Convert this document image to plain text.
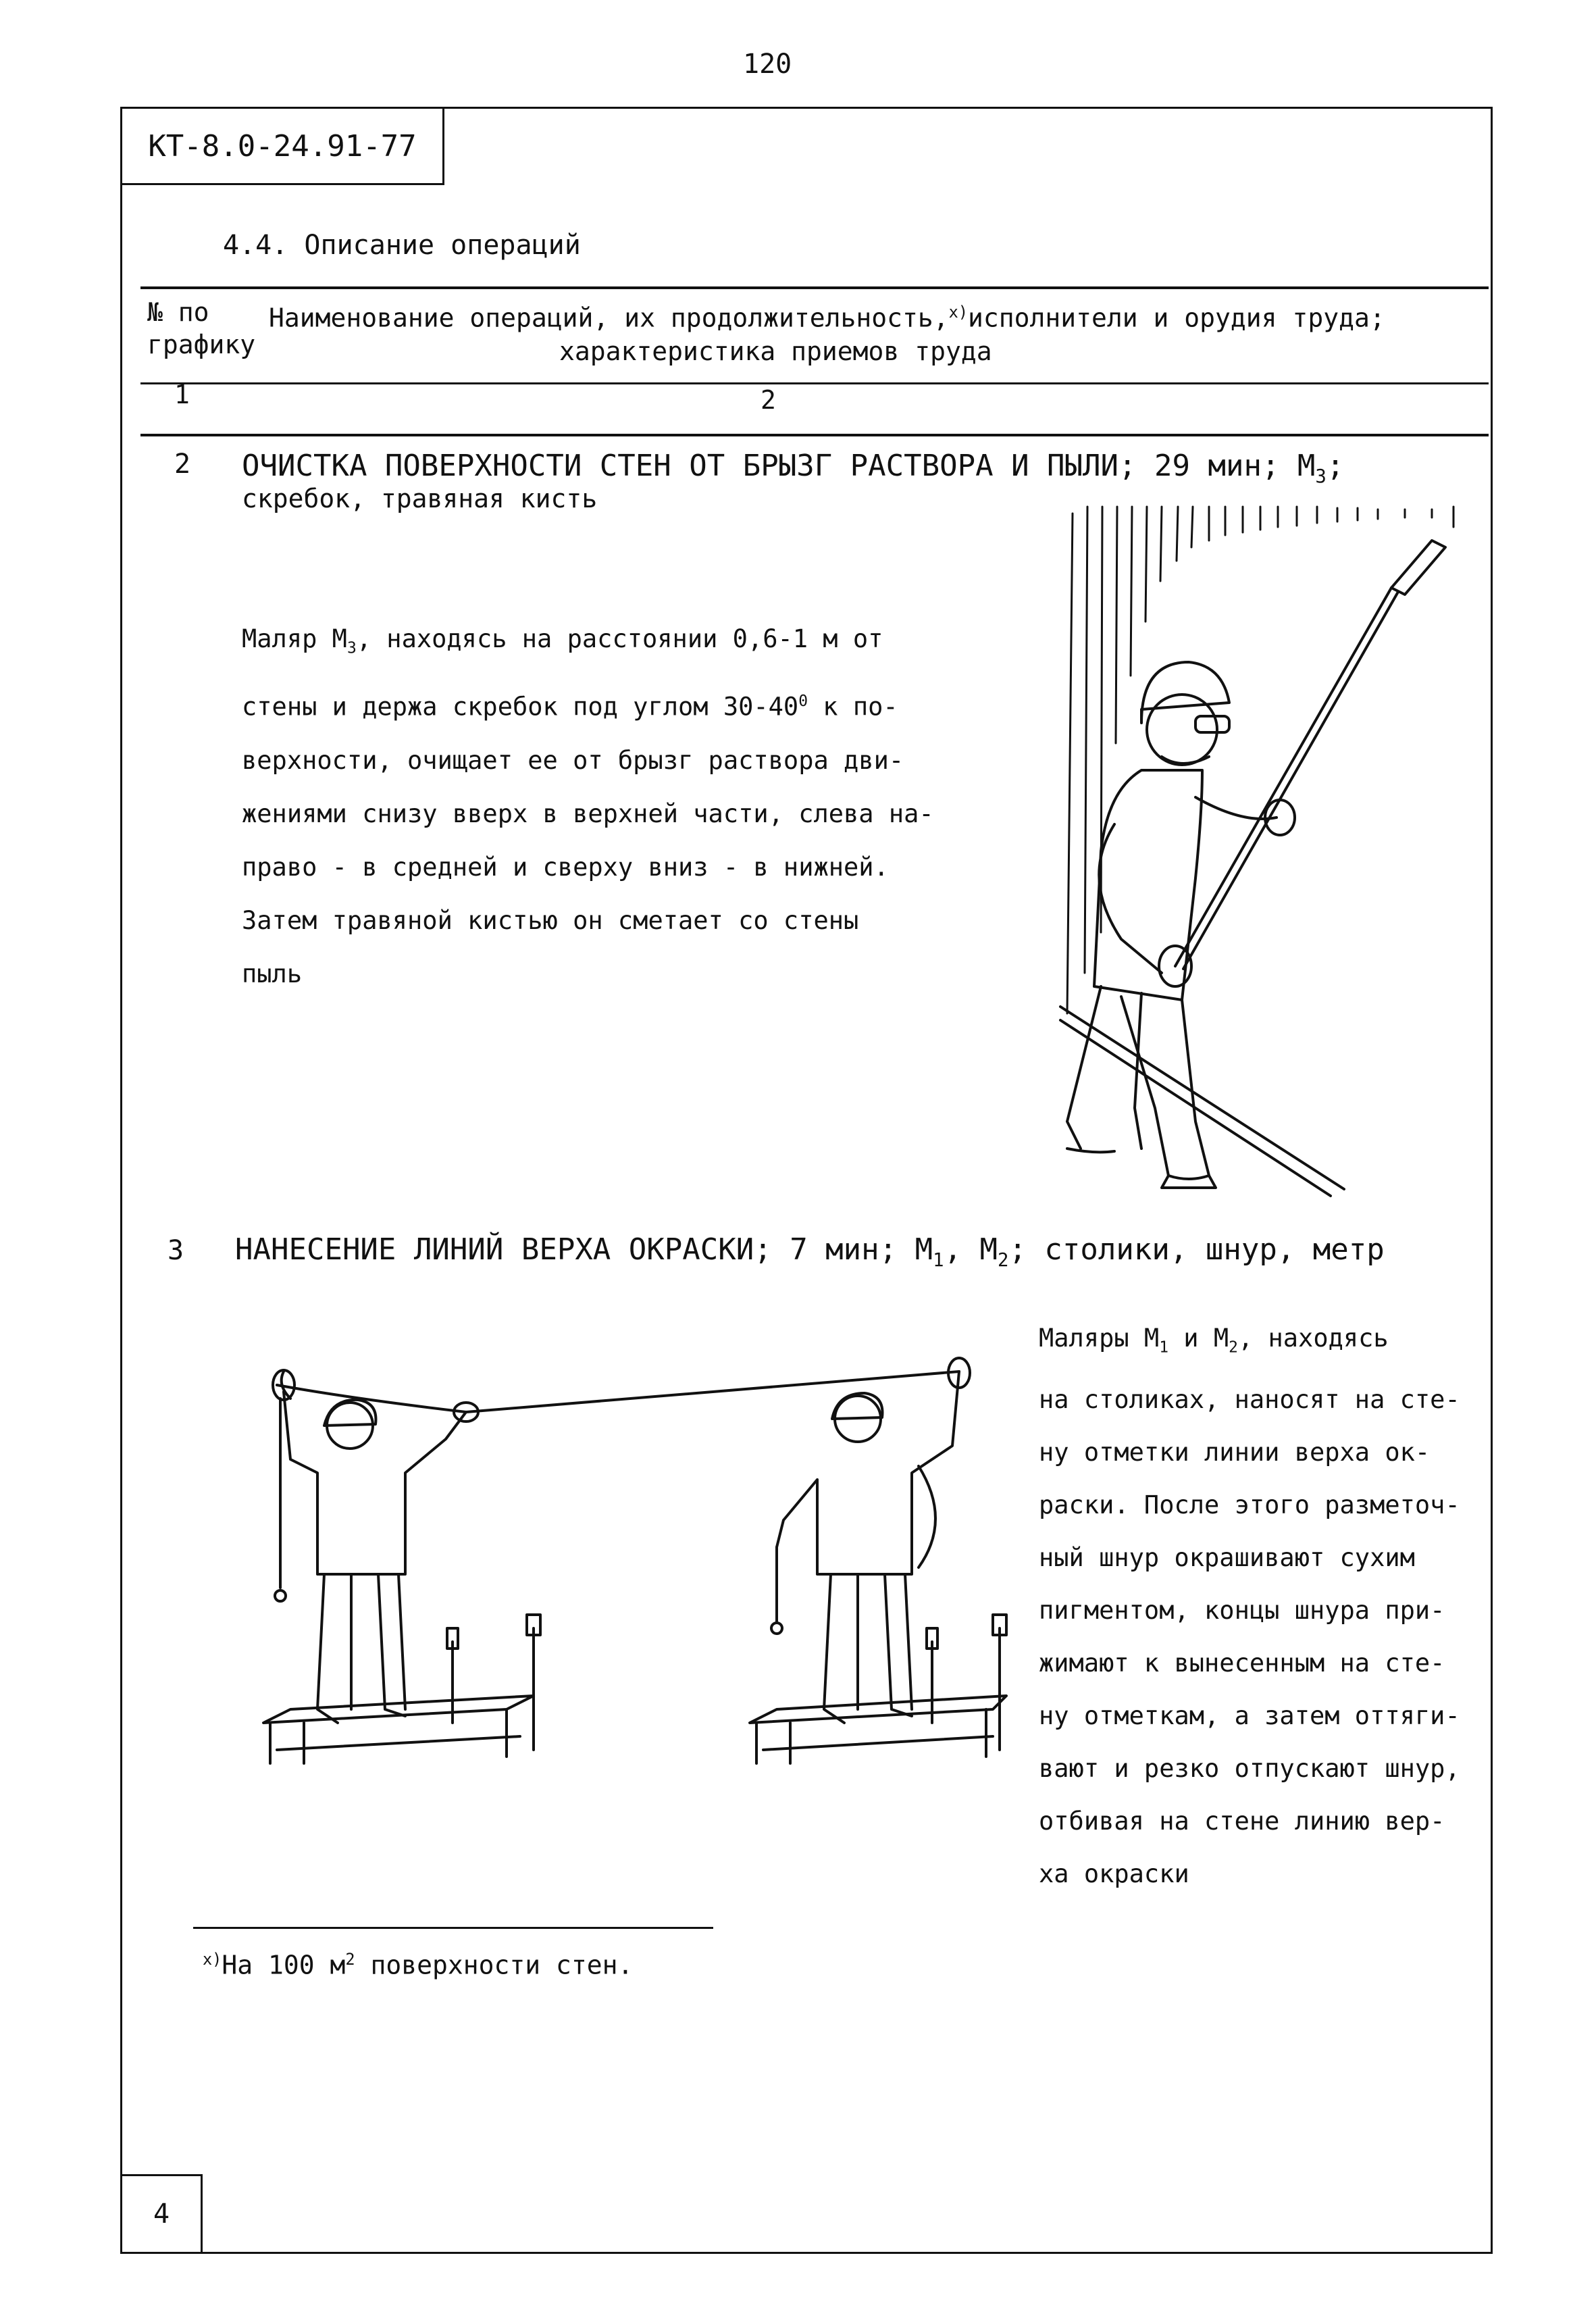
120
КТ-8.0-24.91-77
4.4. Описание операций
№ по
графику
Наименование операций, их продолжительность,$^{x)}$исполнители и орудия труда;
характеристика приемов труда
1	2
2 ОЧИСТКА ПОВЕРХНОСТИ СТЕН ОТ БРЫЗГ РАСТВОРА И ПЫЛИ; 29 мин; $М_3$;
скребок, травяная кисть
Маляр $М_3$, находясь на расстоянии 0,6-1 м от
стены и держа скребок под углом $30-40^0$ к по-
верхности, очищает ее от брызг раствора дви-
жениями снизу вверх в верхней части, слева на-
право - в средней и сверху вниз - в нижней.
Затем травяной кистью он сметает со стены
пыль
3 НАНЕСЕНИЕ ЛИНИЙ ВЕРХА ОКРАСКИ; 7 мин; $М_1$, $М_2$; столики, шнур, метр
Маляры $М_1$ и $М_2$, находясь
на столиках, наносят на сте-
ну отметки линии верха ок-
раски. После этого разметоч-
ный шнур окрашивают сухим
пигментом, концы шнура при-
жимают к вынесенным на сте-
ну отметкам, а затем оттяги-
вают и резко отпускают шнур,
отбивая на стене линию вер-
ха окраски
$^{x)}$На 100 $м^2$ поверхности стен.
4
